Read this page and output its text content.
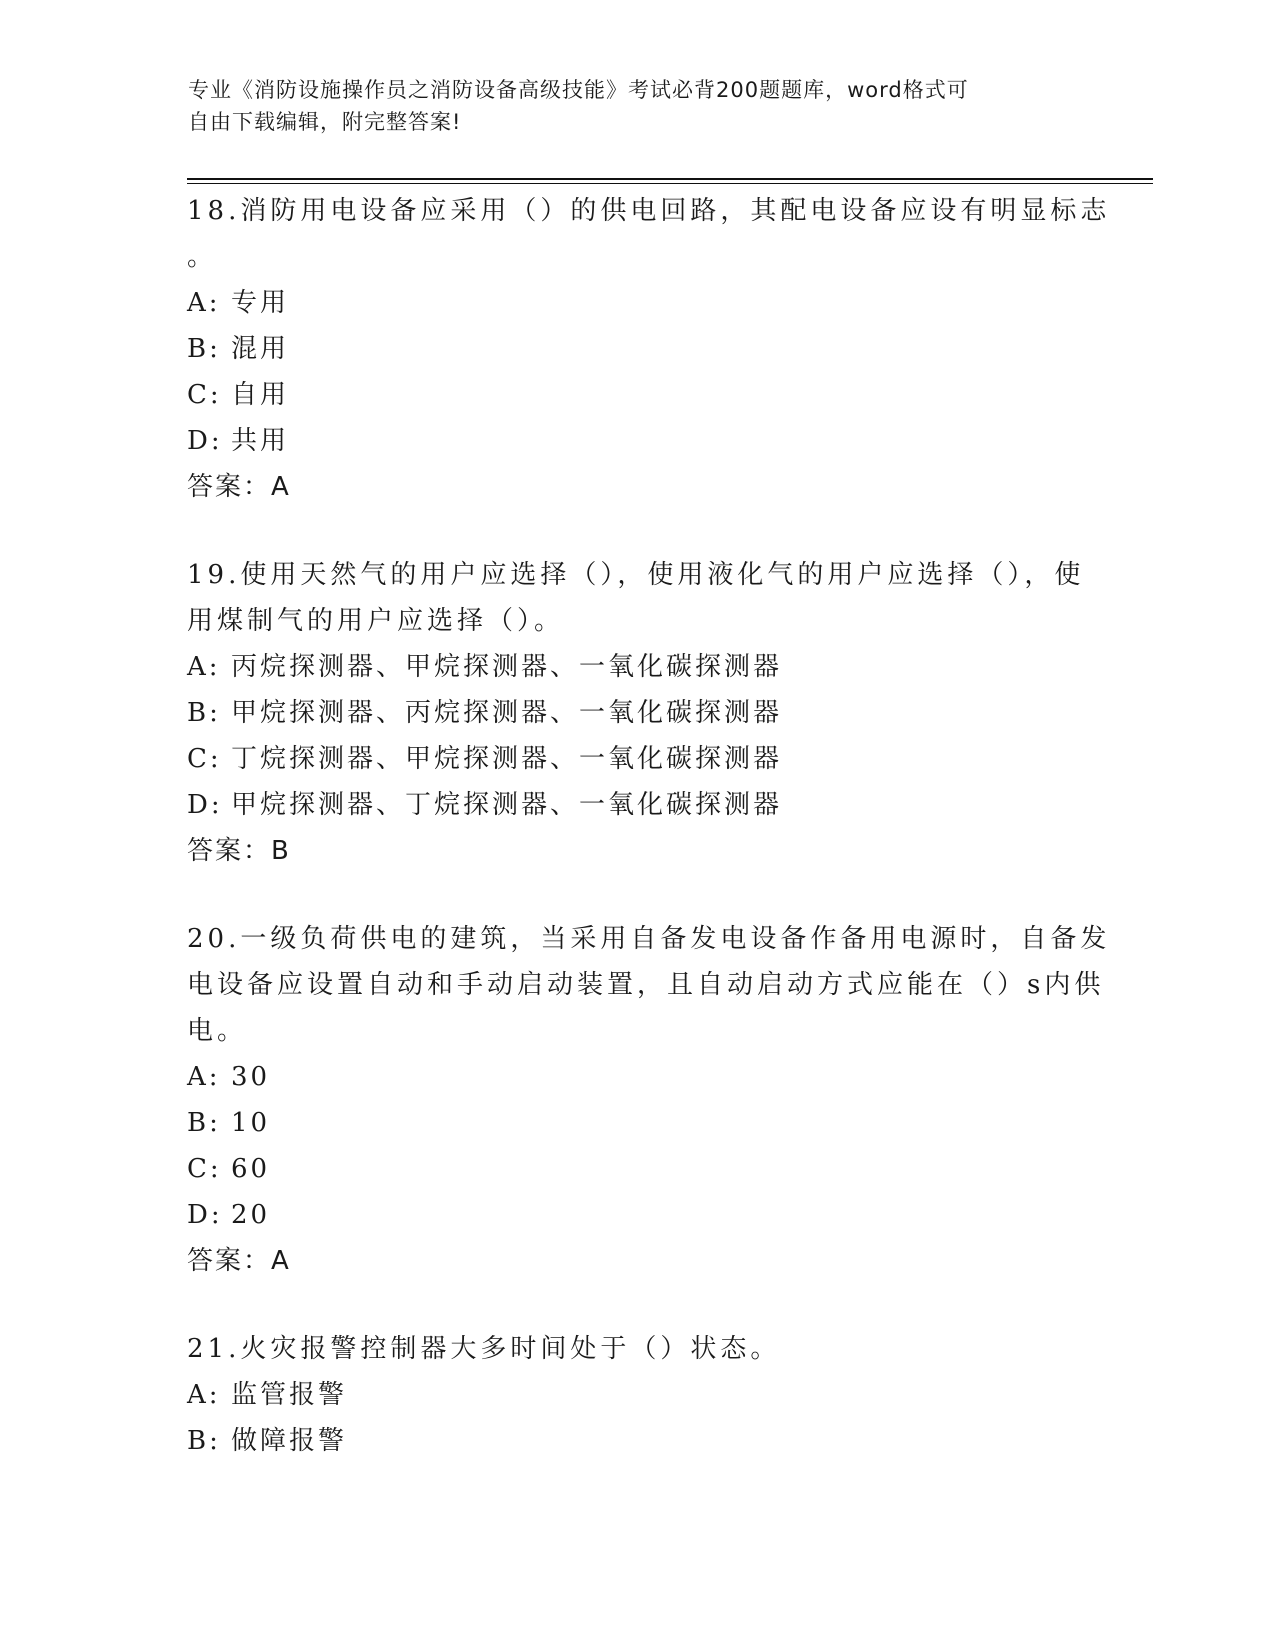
专业《消防设施操作员之消防设备高级技能》考试必背200题题库，word格式可
自由下载编辑，附完整答案!
18.消防用电设备应采用（）的供电回路，其配电设备应设有明显标志
。
A: 专用
B: 混用
C: 自用
D: 共用
答案：A
19.使用天然气的用户应选择（），使用液化气的用户应选择（），使
用煤制气的用户应选择（）。
A: 丙烷探测器、甲烷探测器、一氧化碳探测器
B: 甲烷探测器、丙烷探测器、一氧化碳探测器
C: 丁烷探测器、甲烷探测器、一氧化碳探测器
D: 甲烷探测器、丁烷探测器、一氧化碳探测器
答案：B
20.一级负荷供电的建筑，当采用自备发电设备作备用电源时，自备发
电设备应设置自动和手动启动装置，且自动启动方式应能在（）s内供
电。
A: 30
B: 10
C: 60
D: 20
答案：A
21.火灾报警控制器大多时间处于（）状态。
A: 监管报警
B: 做障报警
